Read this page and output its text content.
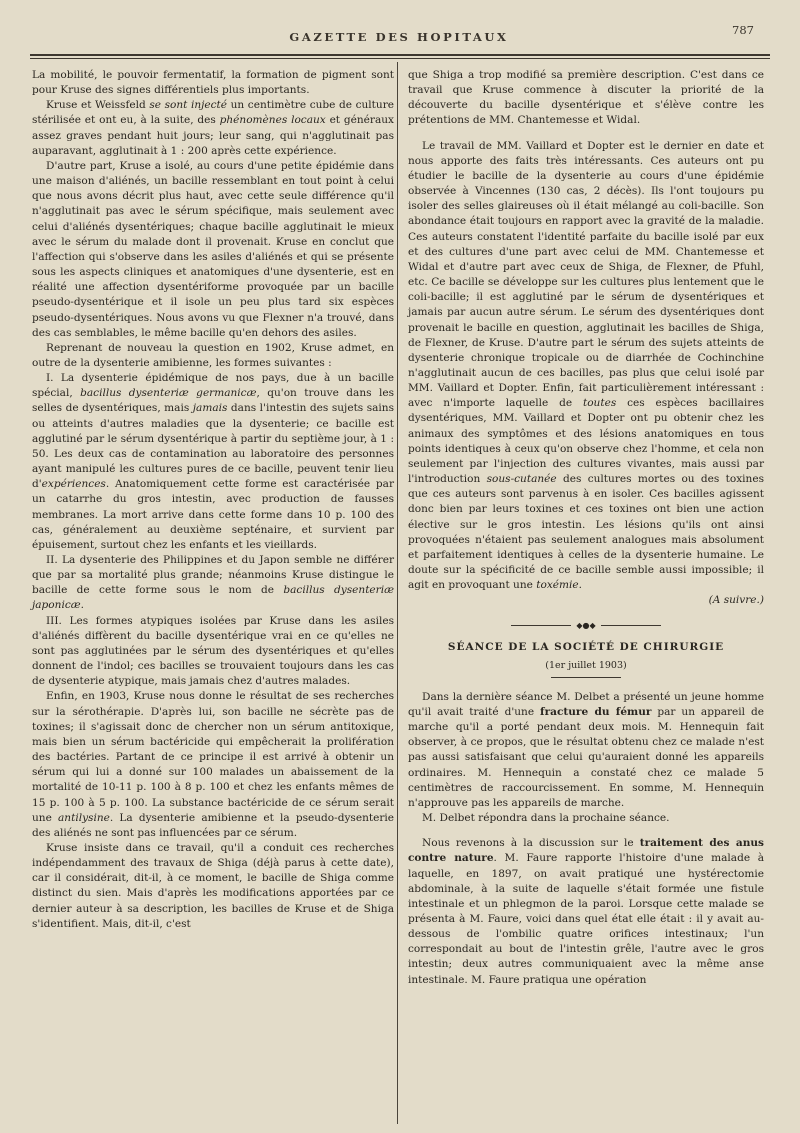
GAZETTE DES HOPITAUX	787

La mobilité, le pouvoir fermentatif, la formation de pigment sont pour Kruse des signes différentiels plus importants.

Kruse et Weissfeld se sont injecté un centimètre cube de culture stérilisée et ont eu, à la suite, des phénomènes locaux et généraux assez graves pendant huit jours; leur sang, qui n'agglutinait pas auparavant, agglutinait à 1 : 200 après cette expérience.

D'autre part, Kruse a isolé, au cours d'une petite épidémie dans une maison d'aliénés, un bacille ressemblant en tout point à celui que nous avons décrit plus haut, avec cette seule différence qu'il n'agglutinait pas avec le sérum spécifique, mais seulement avec celui d'aliénés dysentériques; chaque bacille agglutinait le mieux avec le sérum du malade dont il provenait. Kruse en conclut que l'affection qui s'observe dans les asiles d'aliénés et qui se présente sous les aspects cliniques et anatomiques d'une dysenterie, est en réalité une affection dysentériforme provoquée par un bacille pseudo-dysentérique et il isole un peu plus tard six espèces pseudo-dysentériques. Nous avons vu que Flexner n'a trouvé, dans des cas semblables, le même bacille qu'en dehors des asiles.

Reprenant de nouveau la question en 1902, Kruse admet, en outre de la dysenterie amibienne, les formes suivantes :

I. La dysenterie épidémique de nos pays, due à un bacille spécial, bacillus dysenteriæ germanicæ, qu'on trouve dans les selles de dysentériques, mais jamais dans l'intestin des sujets sains ou atteints d'autres maladies que la dysenterie; ce bacille est agglutiné par le sérum dysentérique à partir du septième jour, à 1 : 50. Les deux cas de contamination au laboratoire des personnes ayant manipulé les cultures pures de ce bacille, peuvent tenir lieu d'expériences. Anatomiquement cette forme est caractérisée par un catarrhe du gros intestin, avec production de fausses membranes. La mort arrive dans cette forme dans 10 p. 100 des cas, généralement au deuxième septénaire, et survient par épuisement, surtout chez les enfants et les vieillards.

II. La dysenterie des Philippines et du Japon semble ne différer que par sa mortalité plus grande; néanmoins Kruse distingue le bacille de cette forme sous le nom de bacillus dysenteriæ japonicæ.

III. Les formes atypiques isolées par Kruse dans les asiles d'aliénés diffèrent du bacille dysentérique vrai en ce qu'elles ne sont pas agglutinées par le sérum des dysentériques et qu'elles donnent de l'indol; ces bacilles se trouvaient toujours dans les cas de dysenterie atypique, mais jamais chez d'autres malades.

Enfin, en 1903, Kruse nous donne le résultat de ses recherches sur la sérothérapie. D'après lui, son bacille ne sécrète pas de toxines; il s'agissait donc de chercher non un sérum antitoxique, mais bien un sérum bactéricide qui empêcherait la prolifération des bactéries. Partant de ce principe il est arrivé à obtenir un sérum qui lui a donné sur 100 malades un abaissement de la mortalité de 10-11 p. 100 à 8 p. 100 et chez les enfants mêmes de 15 p. 100 à 5 p. 100. La substance bactéricide de ce sérum serait une antilysine. La dysenterie amibienne et la pseudo-dysenterie des aliénés ne sont pas influencées par ce sérum.

Kruse insiste dans ce travail, qu'il a conduit ces recherches indépendamment des travaux de Shiga (déjà parus à cette date), car il considérait, dit-il, à ce moment, le bacille de Shiga comme distinct du sien. Mais d'après les modifications apportées par ce dernier auteur à sa description, les bacilles de Kruse et de Shiga s'identifient. Mais, dit-il, c'est

que Shiga a trop modifié sa première description. C'est dans ce travail que Kruse commence à discuter la priorité de la découverte du bacille dysentérique et s'élève contre les prétentions de MM. Chantemesse et Widal.

Le travail de MM. Vaillard et Dopter est le dernier en date et nous apporte des faits très intéressants. Ces auteurs ont pu étudier le bacille de la dysenterie au cours d'une épidémie observée à Vincennes (130 cas, 2 décès). Ils l'ont toujours pu isoler des selles glaireuses où il était mélangé au coli-bacille. Son abondance était toujours en rapport avec la gravité de la maladie. Ces auteurs constatent l'identité parfaite du bacille isolé par eux et des cultures d'une part avec celui de MM. Chantemesse et Widal et d'autre part avec ceux de Shiga, de Flexner, de Pfuhl, etc. Ce bacille se développe sur les cultures plus lentement que le coli-bacille; il est agglutiné par le sérum de dysentériques et jamais par aucun autre sérum. Le sérum des dysentériques dont provenait le bacille en question, agglutinait les bacilles de Shiga, de Flexner, de Kruse. D'autre part le sérum des sujets atteints de dysenterie chronique tropicale ou de diarrhée de Cochinchine n'agglutinait aucun de ces bacilles, pas plus que celui isolé par MM. Vaillard et Dopter. Enfin, fait particulièrement intéressant : avec n'importe laquelle de toutes ces espèces bacillaires dysentériques, MM. Vaillard et Dopter ont pu obtenir chez les animaux des symptômes et des lésions anatomiques en tous points identiques à ceux qu'on observe chez l'homme, et cela non seulement par l'injection des cultures vivantes, mais aussi par l'introduction sous-cutanée des cultures mortes ou des toxines que ces auteurs sont parvenus à en isoler. Ces bacilles agissent donc bien par leurs toxines et ces toxines ont bien une action élective sur le gros intestin. Les lésions qu'ils ont ainsi provoquées n'étaient pas seulement analogues mais absolument et parfaitement identiques à celles de la dysenterie humaine. Le doute sur la spécificité de ce bacille semble aussi impossible; il agit en provoquant une toxémie.

(A suivre.)

◆●◆
SÉANCE DE LA SOCIÉTÉ DE CHIRURGIE
(1er juillet 1903)

Dans la dernière séance M. Delbet a présenté un jeune homme qu'il avait traité d'une fracture du fémur par un appareil de marche qu'il a porté pendant deux mois. M. Hennequin fait observer, à ce propos, que le résultat obtenu chez ce malade n'est pas aussi satisfaisant que celui qu'auraient donné les appareils ordinaires. M. Hennequin a constaté chez ce malade 5 centimètres de raccourcissement. En somme, M. Hennequin n'approuve pas les appareils de marche.

M. Delbet répondra dans la prochaine séance.

Nous revenons à la discussion sur le traitement des anus contre nature. M. Faure rapporte l'histoire d'une malade à laquelle, en 1897, on avait pratiqué une hystérectomie abdominale, à la suite de laquelle s'était formée une fistule intestinale et un phlegmon de la paroi. Lorsque cette malade se présenta à M. Faure, voici dans quel état elle était : il y avait au-dessous de l'ombilic quatre orifices intestinaux; l'un correspondait au bout de l'intestin grêle, l'autre avec le gros intestin; deux autres communiquaient avec la même anse intestinale. M. Faure pratiqua une opération
